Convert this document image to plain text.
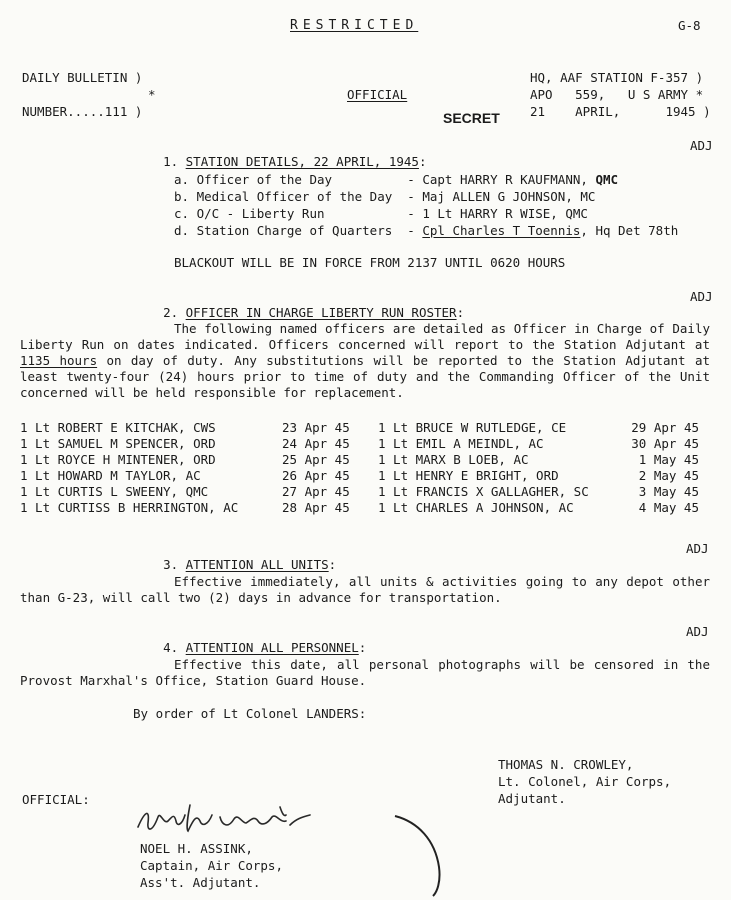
RESTRICTED	G-8
DAILY BULLETIN )
*
NUMBER.....111 )
OFFICIAL
SECRET
HQ, AAF STATION F-357 )
APO   559,   U S ARMY *
21    APRIL,      1945 )

1. STATION DETAILS, 22 APRIL, 1945:

ADJ
a. Officer of the Day          - Capt HARRY R KAUFMANN, QMC
b. Medical Officer of the Day  - Maj ALLEN G JOHNSON, MC
c. O/C - Liberty Run           - 1 Lt HARRY R WISE, QMC
d. Station Charge of Quarters  - Cpl Charles T Toennis, Hq Det 78th
BLACKOUT WILL BE IN FORCE FROM 2137 UNTIL 0620 HOURS

2. OFFICER IN CHARGE LIBERTY RUN ROSTER:

ADJ
The following named officers are detailed as Officer in Charge of Daily Liberty Run on dates indicated. Officers concerned will report to the Station Adjutant at 1135 hours on day of duty. Any substitutions will be reported to the Station Adjutant at least twenty-four (24) hours prior to time of duty and the Commanding Officer of the Unit concerned will be held responsible for replacement.
1 Lt ROBERT E KITCHAK, CWS	23 Apr 45 1 Lt BRUCE W RUTLEDGE, CE	29 Apr 45
1 Lt SAMUEL M SPENCER, ORD	24 Apr 45 1 Lt EMIL A MEINDL, AC	30 Apr 45
1 Lt ROYCE H MINTENER, ORD	25 Apr 45 1 Lt MARX B LOEB, AC	1 May 45
1 Lt HOWARD M TAYLOR, AC	26 Apr 45 1 Lt HENRY E BRIGHT, ORD	2 May 45
1 Lt CURTIS L SWEENY, QMC	27 Apr 45 1 Lt FRANCIS X GALLAGHER, SC	3 May 45
1 Lt CURTISS B HERRINGTON, AC	28 Apr 45 1 Lt CHARLES A JOHNSON, AC	4 May 45

3. ATTENTION ALL UNITS:

ADJ
Effective immediately, all units & activities going to any depot other than G-23, will call two (2) days in advance for transportation.

4. ATTENTION ALL PERSONNEL:

ADJ
Effective this date, all personal photographs will be censored in the Provost Marxhal's Office, Station Guard House.
By order of Lt Colonel LANDERS:
THOMAS N. CROWLEY,
Lt. Colonel, Air Corps,
Adjutant.
OFFICIAL:
NOEL H. ASSINK,
Captain, Air Corps,
Ass't. Adjutant.
